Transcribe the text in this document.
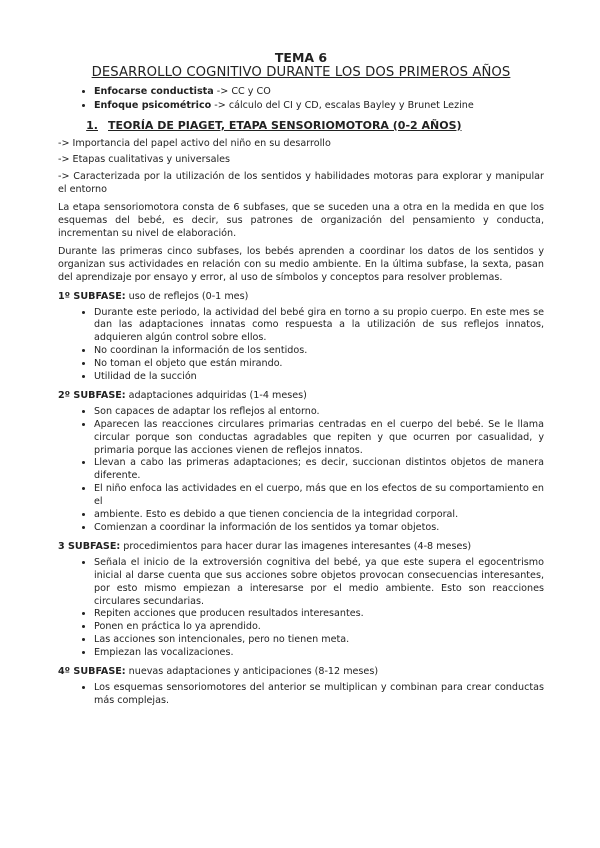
TEMA 6
DESARROLLO COGNITIVO DURANTE LOS DOS PRIMEROS AÑOS
• Enfocarse conductista -> CC y CO
• Enfoque psicométrico -> cálculo del CI y CD, escalas Bayley y Brunet Lezine
1. TEORÍA DE PIAGET, ETAPA SENSORIOMOTORA (0-2 AÑOS)
-> Importancia del papel activo del niño en su desarrollo
-> Etapas cualitativas y universales

-> Caracterizada por la utilización de los sentidos y habilidades motoras para explorar y manipular el entorno

La etapa sensoriomotora consta de 6 subfases, que se suceden una a otra en la medida en que los esquemas del bebé, es decir, sus patrones de organización del pensamiento y conducta, incrementan su nivel de elaboración.

Durante las primeras cinco subfases, los bebés aprenden a coordinar los datos de los sentidos y organizan sus actividades en relación con su medio ambiente. En la última subfase, la sexta, pasan del aprendizaje por ensayo y error, al uso de símbolos y conceptos para resolver problemas.

1º SUBFASE: uso de reflejos (0-1 mes)
• Durante este periodo, la actividad del bebé gira en torno a su propio cuerpo. En este mes se dan las adaptaciones innatas como respuesta a la utilización de sus reflejos innatos, adquieren algún control sobre ellos.
• No coordinan la información de los sentidos.
• No toman el objeto que están mirando.
• Utilidad de la succión
2º SUBFASE: adaptaciones adquiridas (1-4 meses)
• Son capaces de adaptar los reflejos al entorno.
• Aparecen las reacciones circulares primarias centradas en el cuerpo del bebé. Se le llama circular porque son conductas agradables que repiten y que ocurren por casualidad, y primaria porque las acciones vienen de reflejos innatos.
• Llevan a cabo las primeras adaptaciones; es decir, succionan distintos objetos de manera diferente.
• El niño enfoca las actividades en el cuerpo, más que en los efectos de su comportamiento en el
• ambiente. Esto es debido a que tienen conciencia de la integridad corporal.
• Comienzan a coordinar la información de los sentidos ya tomar objetos.
3 SUBFASE: procedimientos para hacer durar las imagenes interesantes (4-8 meses)
• Señala el inicio de la extroversión cognitiva del bebé, ya que este supera el egocentrismo inicial al darse cuenta que sus acciones sobre objetos provocan consecuencias interesantes, por esto mismo empiezan a interesarse por el medio ambiente. Esto son reacciones circulares secundarias.
• Repiten acciones que producen resultados interesantes.
• Ponen en práctica lo ya aprendido.
• Las acciones son intencionales, pero no tienen meta.
• Empiezan las vocalizaciones.
4º SUBFASE: nuevas adaptaciones y anticipaciones (8-12 meses)
• Los esquemas sensoriomotores del anterior se multiplican y combinan para crear conductas más complejas.
